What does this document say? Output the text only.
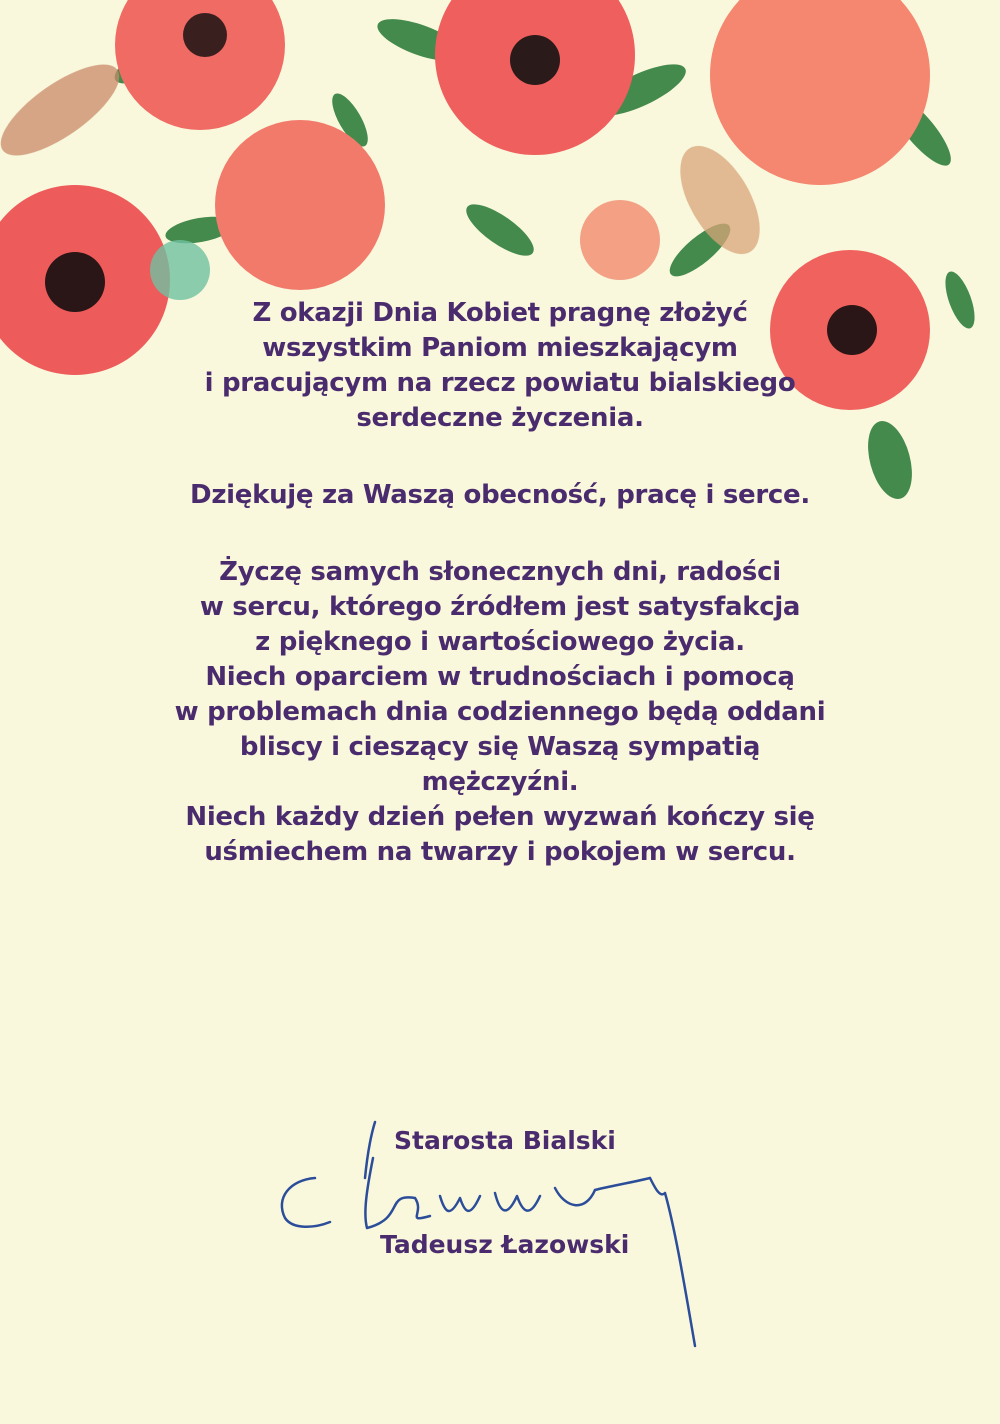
Z okazji Dnia Kobiet pragnę złożyć
wszystkim Paniom mieszkającym
i pracującym na rzecz powiatu bialskiego
serdeczne życzenia.

Dziękuję za Waszą obecność, pracę i serce.

Życzę samych słonecznych dni, radości
w sercu, którego źródłem jest satysfakcja
z pięknego i wartościowego życia.
Niech oparciem w trudnościach i pomocą
w problemach dnia codziennego będą oddani
bliscy i cieszący się Waszą sympatią
mężczyźni.
Niech każdy dzień pełen wyzwań kończy się
uśmiechem na twarzy i pokojem w sercu.

Starosta Bialski
Tadeusz Łazowski
